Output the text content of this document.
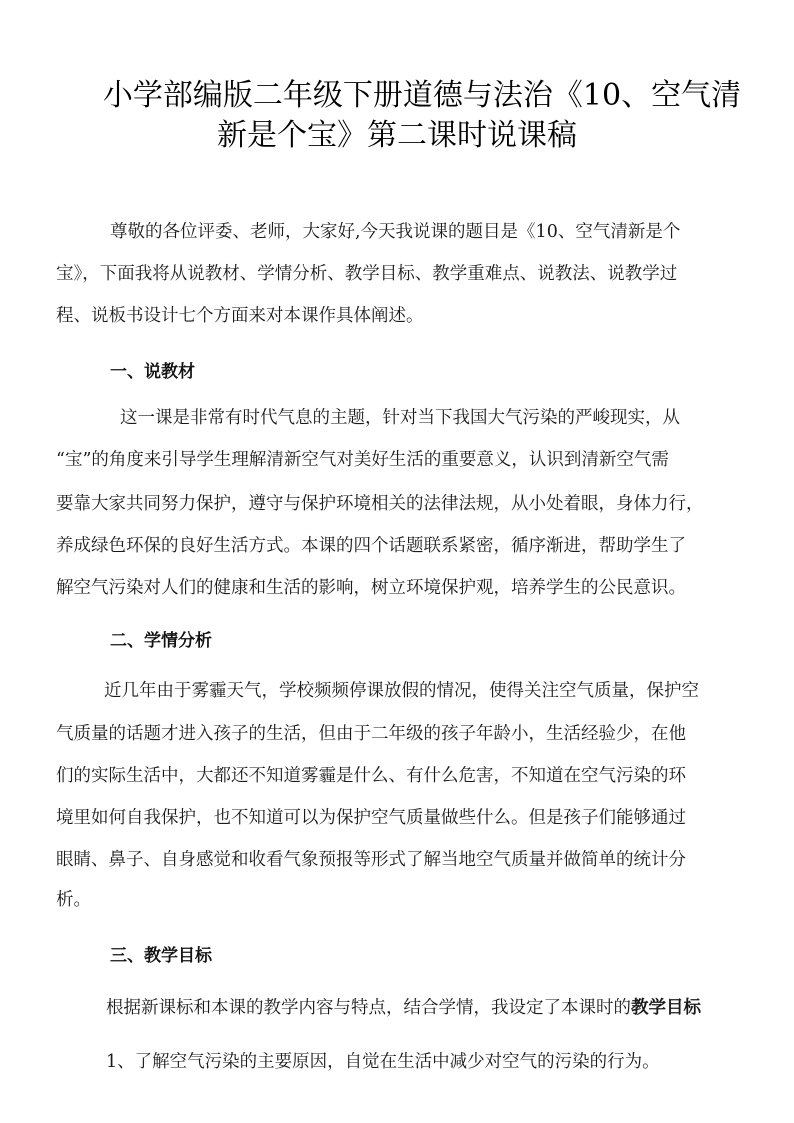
小学部编版二年级下册道德与法治《10、空气清
新是个宝》第二课时说课稿
尊敬的各位评委、老师，大家好,今天我说课的题目是《10、空气清新是个
宝》，下面我将从说教材、学情分析、教学目标、教学重难点、说教法、说教学过
程、说板书设计七个方面来对本课作具体阐述。
一、说教材
这一课是非常有时代气息的主题，针对当下我国大气污染的严峻现实，从
“宝”的角度来引导学生理解清新空气对美好生活的重要意义，认识到清新空气需
要靠大家共同努力保护，遵守与保护环境相关的法律法规，从小处着眼，身体力行，
养成绿色环保的良好生活方式。本课的四个话题联系紧密，循序渐进，帮助学生了
解空气污染对人们的健康和生活的影响，树立环境保护观，培养学生的公民意识。
二、学情分析
近几年由于雾霾天气，学校频频停课放假的情况，使得关注空气质量，保护空
气质量的话题才进入孩子的生活，但由于二年级的孩子年龄小，生活经验少，在他
们的实际生活中，大都还不知道雾霾是什么、有什么危害，不知道在空气污染的环
境里如何自我保护，也不知道可以为保护空气质量做些什么。但是孩子们能够通过
眼睛、鼻子、自身感觉和收看气象预报等形式了解当地空气质量并做简单的统计分
析。
三、教学目标
根据新课标和本课的教学内容与特点，结合学情，我设定了本课时的教学目标
1、了解空气污染的主要原因，自觉在生活中减少对空气的污染的行为。
